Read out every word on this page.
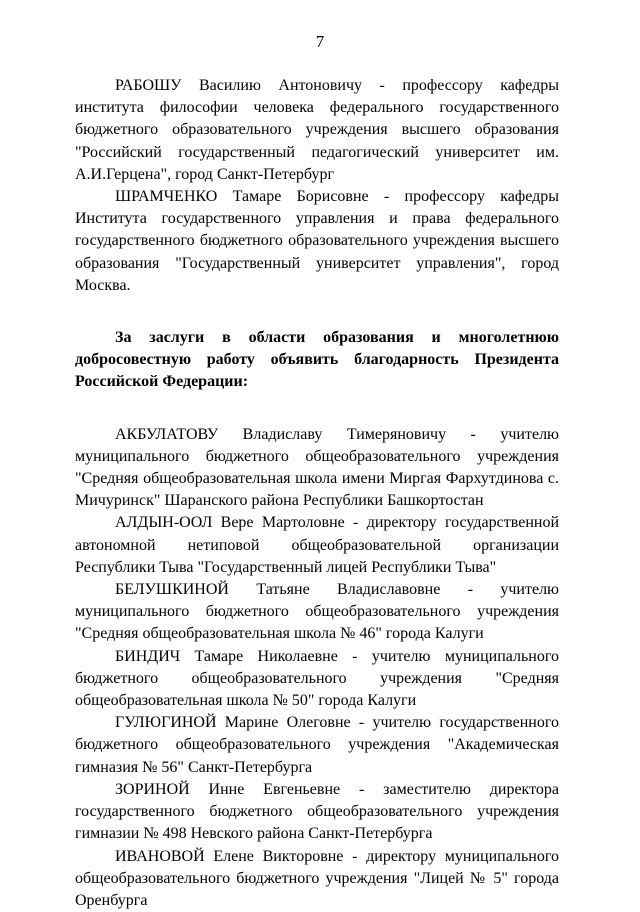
7

РАБОШУ Василию Антоновичу - профессору кафедры института философии человека федерального государственного бюджетного образовательного учреждения высшего образования "Российский государственный педагогический университет им. А.И.Герцена", город Санкт-Петербург

ШРАМЧЕНКО Тамаре Борисовне - профессору кафедры Института государственного управления и права федерального государственного бюджетного образовательного учреждения высшего образования "Государственный университет управления", город Москва.

За заслуги в области образования и многолетнюю добросовестную работу объявить благодарность Президента Российской Федерации:

АКБУЛАТОВУ Владиславу Тимеряновичу - учителю муниципального бюджетного общеобразовательного учреждения "Средняя общеобразовательная школа имени Миргая Фархутдинова с. Мичуринск" Шаранского района Республики Башкортостан

АЛДЫН-ООЛ Вере Мартоловне - директору государственной автономной нетиповой общеобразовательной организации Республики Тыва "Государственный лицей Республики Тыва"

БЕЛУШКИНОЙ Татьяне Владиславовне - учителю муниципального бюджетного общеобразовательного учреждения "Средняя общеобразовательная школа № 46" города Калуги

БИНДИЧ Тамаре Николаевне - учителю муниципального бюджетного общеобразовательного учреждения "Средняя общеобразовательная школа № 50" города Калуги

ГУЛЮГИНОЙ Марине Олеговне - учителю государственного бюджетного общеобразовательного учреждения "Академическая гимназия № 56" Санкт-Петербурга

ЗОРИНОЙ Инне Евгеньевне - заместителю директора государственного бюджетного общеобразовательного учреждения гимназии № 498 Невского района Санкт-Петербурга

ИВАНОВОЙ Елене Викторовне - директору муниципального общеобразовательного бюджетного учреждения "Лицей № 5" города Оренбурга
